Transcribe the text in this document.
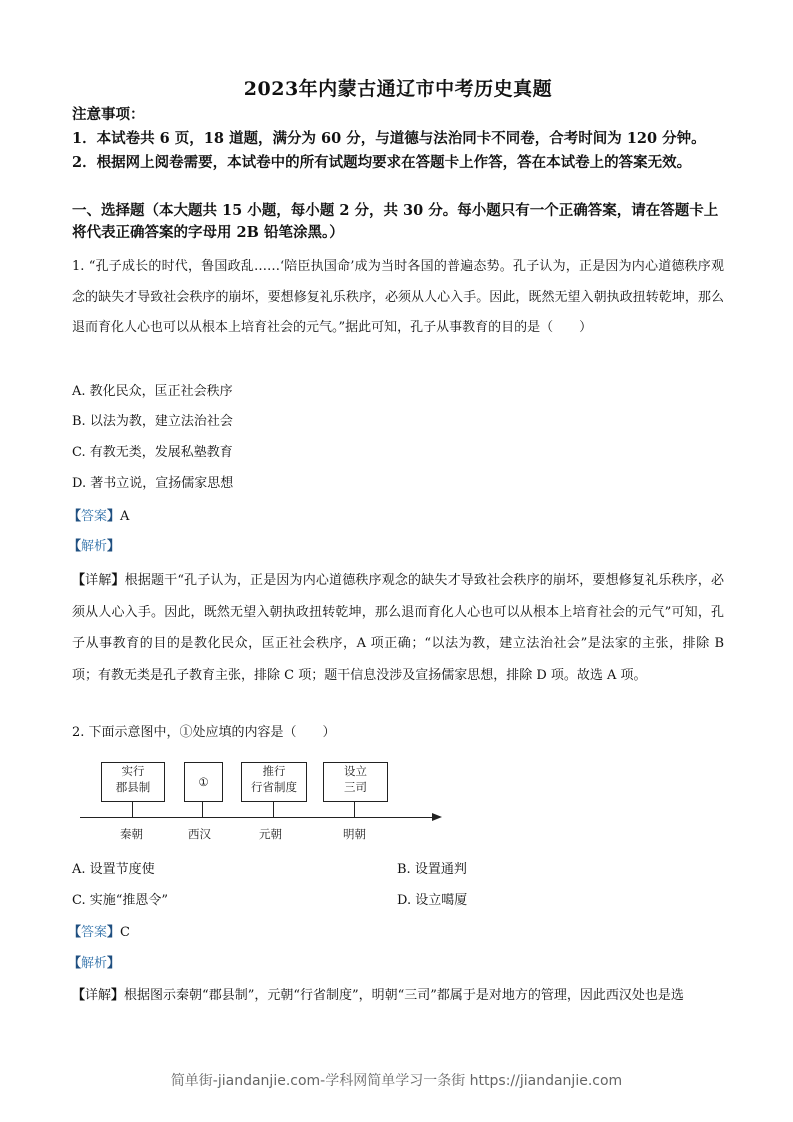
2023年内蒙古通辽市中考历史真题
注意事项：
1．本试卷共 6 页，18 道题，满分为 60 分，与道德与法治同卡不同卷，合考时间为 120 分钟。
2．根据网上阅卷需要，本试卷中的所有试题均要求在答题卡上作答，答在本试卷上的答案无效。
一、选择题（本大题共 15 小题，每小题 2 分，共 30 分。每小题只有一个正确答案，请在答题卡上将代表正确答案的字母用 2B 铅笔涂黑。）
1. “孔子成长的时代，鲁国政乱……‘陪臣执国命’成为当时各国的普遍态势。孔子认为，正是因为内心道德秩序观念的缺失才导致社会秩序的崩坏，要想修复礼乐秩序，必须从人心入手。因此，既然无望入朝执政扭转乾坤，那么退而育化人心也可以从根本上培育社会的元气。”据此可知，孔子从事教育的目的是（　　）
A. 教化民众，匡正社会秩序
B. 以法为教，建立法治社会
C. 有教无类，发展私塾教育
D. 著书立说，宣扬儒家思想
【答案】A
【解析】
【详解】根据题干“孔子认为，正是因为内心道德秩序观念的缺失才导致社会秩序的崩坏，要想修复礼乐秩序，必须从人心入手。因此，既然无望入朝执政扭转乾坤，那么退而育化人心也可以从根本上培育社会的元气”可知，孔子从事教育的目的是教化民众，匡正社会秩序，A 项正确；“以法为教，建立法治社会”是法家的主张，排除 B 项；有教无类是孔子教育主张，排除 C 项；题干信息没涉及宣扬儒家思想，排除 D 项。故选 A 项。
2. 下面示意图中，①处应填的内容是（　　）
实行
郡县制	①
推行
行省制度
设立
三司
秦朝	西汉	元朝	明朝
A. 设置节度使	B. 设置通判
C. 实施“推恩令”	D. 设立噶厦
【答案】C
【解析】
【详解】根据图示秦朝“郡县制”，元朝“行省制度”，明朝“三司”都属于是对地方的管理，因此西汉处也是选
简单街-jiandanjie.com-学科网简单学习一条街 https://jiandanjie.com
